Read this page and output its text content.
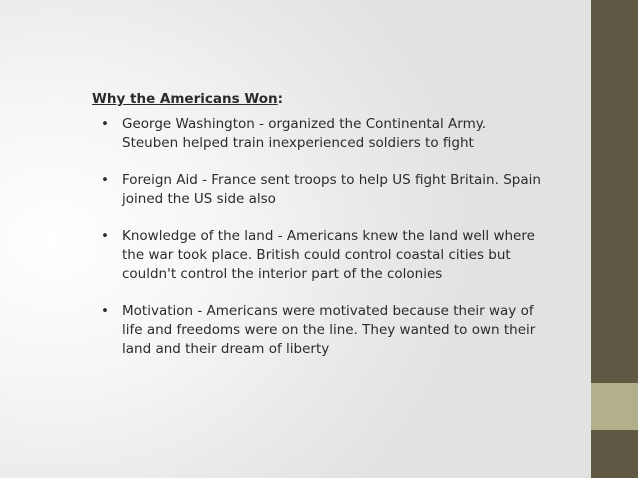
Why the Americans Won:

• George Washington - organized the Continental Army. Steuben helped train inexperienced soldiers to fight
• Foreign Aid - France sent troops to help US fight Britain. Spain joined the US side also
• Knowledge of the land - Americans knew the land well where the war took place. British could control coastal cities but couldn't control the interior part of the colonies
• Motivation - Americans were motivated because their way of life and freedoms were on the line. They wanted to own their land and their dream of liberty
